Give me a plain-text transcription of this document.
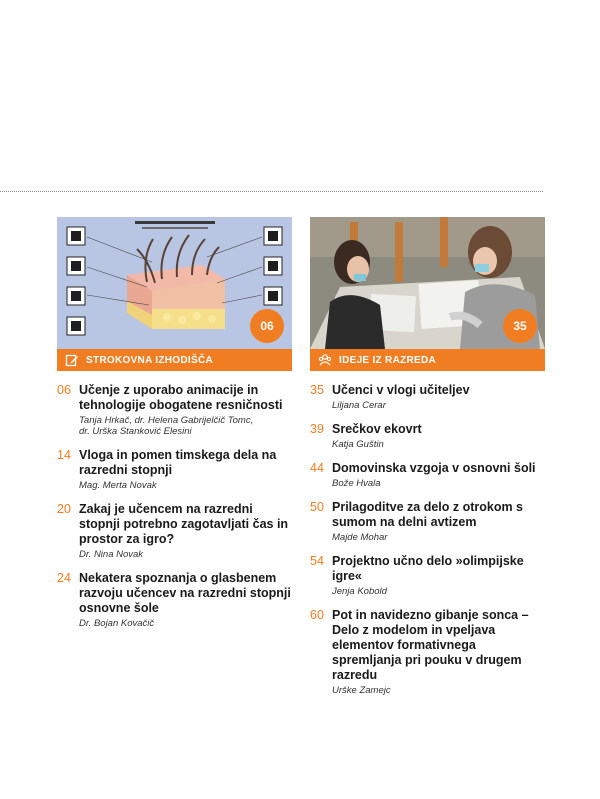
06
STROKOVNA IZHODIŠČA
06 Učenje z uporabo animacije in tehnologije obogatene resničnosti
Tanja Hrkač, dr. Helena Gabrijelčič Tomc,
dr. Urška Stanković Elesini
14 Vloga in pomen timskega dela na razredni stopnji
Mag. Merta Novak
20 Zakaj je učencem na razredni stopnji potrebno zagotavljati čas in prostor za igro?
Dr. Nina Novak
24 Nekatera spoznanja o glasbenem razvoju učencev na razredni stopnji osnovne šole
Dr. Bojan Kovačič
35
IDEJE IZ RAZREDA
35 Učenci v vlogi učiteljev
Liljana Cerar
39 Srečkov ekovrt
Katja Guštin
44 Domovinska vzgoja v osnovni šoli
Bože Hvala
50 Prilagoditve za delo z otrokom s sumom na delni avtizem
Majde Mohar
54 Projektno učno delo »olimpijske igre«
Jenja Kobold
60 Pot in navidezno gibanje sonca – Delo z modelom in vpeljava elementov formativnega spremljanja pri pouku v drugem razredu
Urške Zamejc
